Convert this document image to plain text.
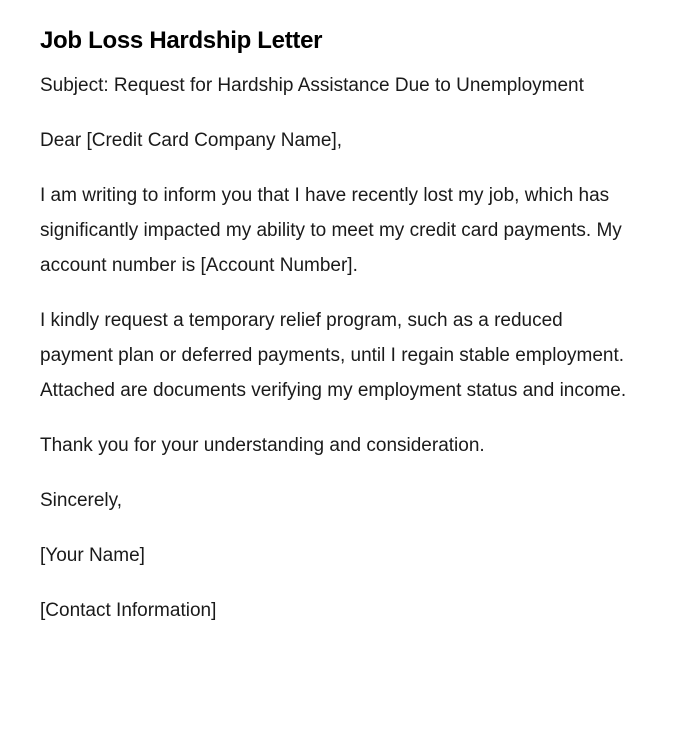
Job Loss Hardship Letter

Subject: Request for Hardship Assistance Due to Unemployment

Dear [Credit Card Company Name],

I am writing to inform you that I have recently lost my job, which has significantly impacted my ability to meet my credit card payments. My account number is [Account Number].

I kindly request a temporary relief program, such as a reduced payment plan or deferred payments, until I regain stable employment. Attached are documents verifying my employment status and income.

Thank you for your understanding and consideration.

Sincerely,

[Your Name]

[Contact Information]
